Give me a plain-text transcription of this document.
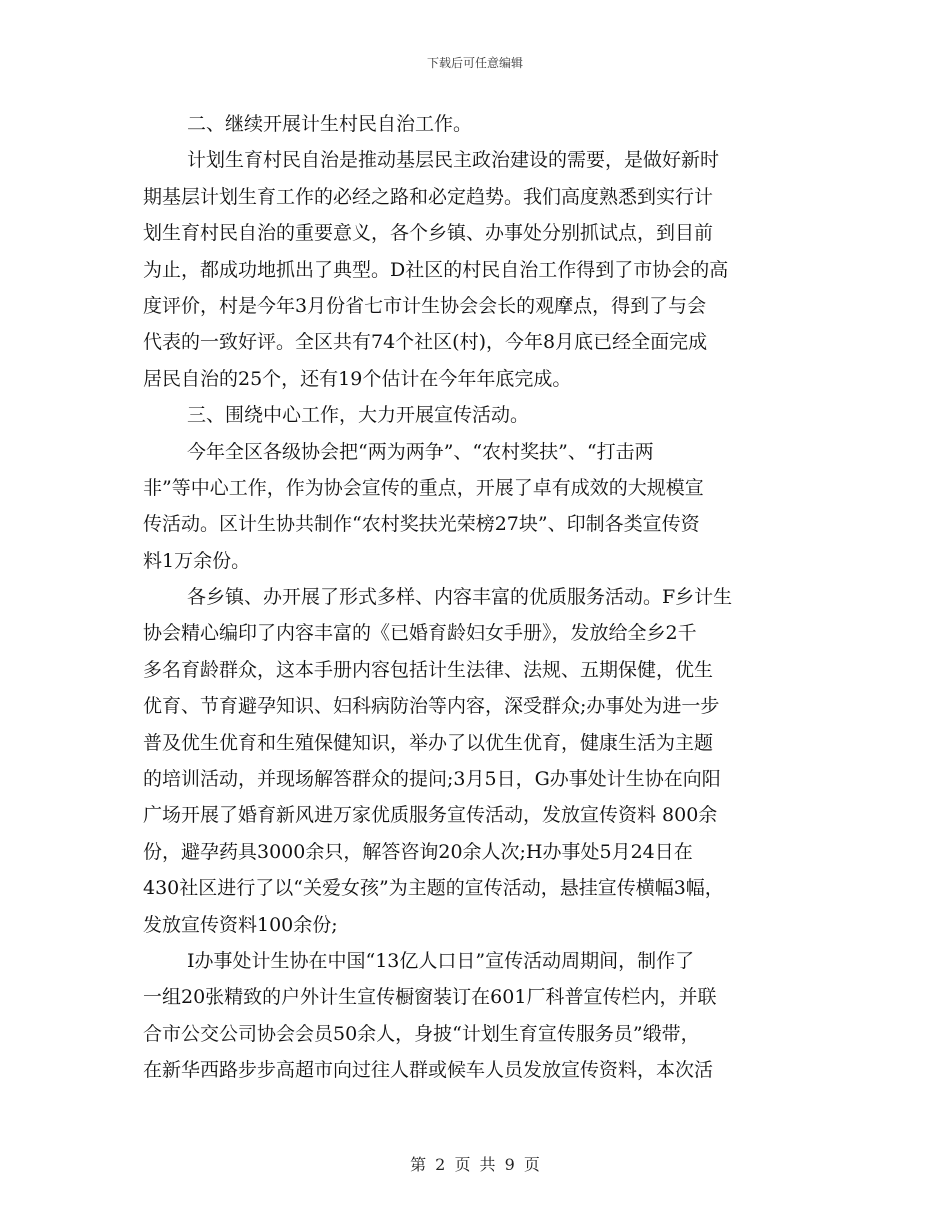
下载后可任意编辑
二、继续开展计生村民自治工作。
计划生育村民自治是推动基层民主政治建设的需要，是做好新时
期基层计划生育工作的必经之路和必定趋势。我们高度熟悉到实行计
划生育村民自治的重要意义，各个乡镇、办事处分别抓试点，到目前
为止，都成功地抓出了典型。D社区的村民自治工作得到了市协会的高
度评价，村是今年3月份省七市计生协会会长的观摩点，得到了与会
代表的一致好评。全区共有74个社区(村)，今年8月底已经全面完成
居民自治的25个，还有19个估计在今年年底完成。
三、围绕中心工作，大力开展宣传活动。
今年全区各级协会把“两为两争”、“农村奖扶”、“打击两
非”等中心工作，作为协会宣传的重点，开展了卓有成效的大规模宣
传活动。区计生协共制作“农村奖扶光荣榜27块”、印制各类宣传资
料1万余份。
各乡镇、办开展了形式多样、内容丰富的优质服务活动。F乡计生
协会精心编印了内容丰富的《已婚育龄妇女手册》，发放给全乡2千
多名育龄群众，这本手册内容包括计生法律、法规、五期保健，优生
优育、节育避孕知识、妇科病防治等内容，深受群众;办事处为进一步
普及优生优育和生殖保健知识，举办了以优生优育，健康生活为主题
的培训活动，并现场解答群众的提问;3月5日，G办事处计生协在向阳
广场开展了婚育新风进万家优质服务宣传活动，发放宣传资料 800余
份，避孕药具3000余只，解答咨询20余人次;H办事处5月24日在
430社区进行了以“关爱女孩”为主题的宣传活动，悬挂宣传横幅3幅，
发放宣传资料100余份;
I办事处计生协在中国“13亿人口日”宣传活动周期间，制作了
一组20张精致的户外计生宣传橱窗装订在601厂科普宣传栏内，并联
合市公交公司协会会员50余人，身披“计划生育宣传服务员”缎带，
在新华西路步步高超市向过往人群或候车人员发放宣传资料，本次活
第 2 页 共 9 页
